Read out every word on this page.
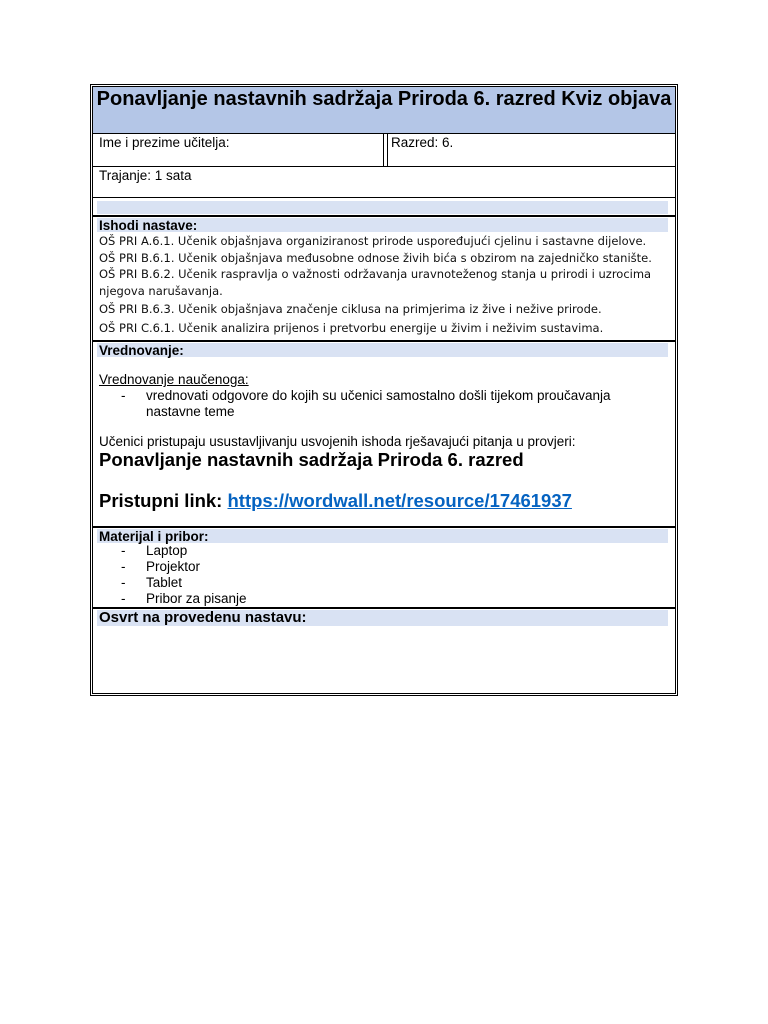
Ponavljanje nastavnih sadržaja Priroda 6. razred Kviz objava
Ime i prezime učitelja:	Razred: 6.
Trajanje: 1 sata
Ishodi nastave:
OŠ PRI A.6.1. Učenik objašnjava organiziranost prirode uspoređujući cjelinu i sastavne dijelove.
OŠ PRI B.6.1. Učenik objašnjava međusobne odnose živih bića s obzirom na zajedničko stanište.
OŠ PRI B.6.2. Učenik raspravlja o važnosti održavanja uravnoteženog stanja u prirodi i uzrocima njegova narušavanja.
OŠ PRI B.6.3. Učenik objašnjava značenje ciklusa na primjerima iz žive i nežive prirode.
OŠ PRI C.6.1. Učenik analizira prijenos i pretvorbu energije u živim i neživim sustavima.
Vrednovanje:
Vrednovanje naučenoga:
- vrednovati odgovore do kojih su učenici samostalno došli tijekom proučavanja nastavne teme
Učenici pristupaju usustavljivanju usvojenih ishoda rješavajući pitanja u provjeri:
Ponavljanje nastavnih sadržaja Priroda 6. razred
Pristupni link: https://wordwall.net/resource/17461937
Materijal i pribor:
- Laptop
- Projektor
- Tablet
- Pribor za pisanje
Osvrt na provedenu nastavu:
